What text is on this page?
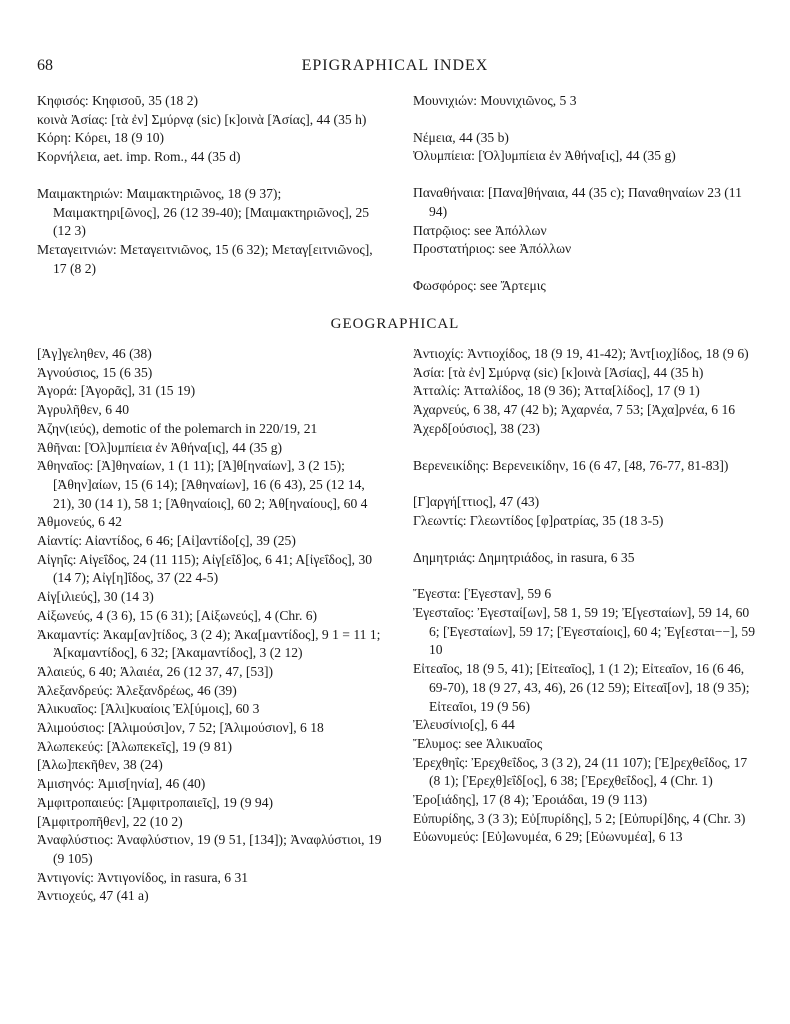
68	EPIGRAPHICAL INDEX

Κηφισός: Κηφισοῦ, 35 (18 2)

κοινὰ Ἀσίας: [τὰ ἐν] Σμύρνᾳ (sic) [κ]οινὰ [Ἀσίας], 44 (35 h)

Κόρη: Κόρει, 18 (9 10)

Κορνήλεια, aet. imp. Rom., 44 (35 d)

Μαιμακτηριών: Μαιμακτηριῶνος, 18 (9 37); Μαιμακτηρι[ῶνος], 26 (12 39-40); [Μαιμακτηριῶνος], 25 (12 3)

Μεταγειτνιών: Μεταγειτνιῶνος, 15 (6 32); Μεταγ[ειτνιῶνος], 17 (8 2)

Μουνιχιών: Μουνιχιῶνος, 5 3

Νέμεια, 44 (35 b)

Ὀλυμπίεια: [Ὀλ]υμπίεια ἐν Ἀθήνα[ις], 44 (35 g)

Παναθήναια: [Πανα]θήναια, 44 (35 c); Παναθηναίων 23 (11 94)

Πατρῷιος: see Ἀπόλλων

Προστατήριος: see Ἀπόλλων

Φωσφόρος: see Ἄρτεμις

GEOGRAPHICAL

[Ἀγ]γεληθεν, 46 (38)

Ἁγνούσιος, 15 (6 35)

Ἀγορά: [Ἀγορᾶς], 31 (15 19)

Ἀγρυλῆθεν, 6 40

Ἀζην(ιεύς), demotic of the polemarch in 220/19, 21

Ἀθῆναι: [Ὀλ]υμπίεια ἐν Ἀθήνα[ις], 44 (35 g)

Ἀθηναῖος: [Ἀ]θηναίων, 1 (1 11); [Ἀ]θ[ηναίων], 3 (2 15); [Ἀθην]αίων, 15 (6 14); [Ἀθηναίων], 16 (6 43), 25 (12 14, 21), 30 (14 1), 58 1; [Ἀθηναίοις], 60 2; Ἀθ[ηναίους], 60 4

Ἀθμονεύς, 6 42

Αἰαντίς: Αἰαντίδος, 6 46; [Αἰ]αντίδο[ς], 39 (25)

Αἰγηΐς: Αἰγεΐδος, 24 (11 115); Αἰγ[εΐδ]ος, 6 41; Α[ἰγεΐδος], 30 (14 7); Αἰγ[η]ΐδος, 37 (22 4-5)

Αἰγ[ιλιεύς], 30 (14 3)

Αἰξωνεύς, 4 (3 6), 15 (6 31); [Αἰξωνεύς], 4 (Chr. 6)

Ἀκαμαντίς: Ἀκαμ[αν]τίδος, 3 (2 4); Ἀκα[μαντίδος], 9 1 = 11 1; Ἀ[καμαντίδος], 6 32; [Ἀκαμαντίδος], 3 (2 12)

Ἁλαιεύς, 6 40; Ἁλαιέα, 26 (12 37, 47, [53])

Ἀλεξανδρεύς: Ἀλεξανδρέως, 46 (39)

Ἁλικυαῖος: [Ἁλι]κυαίοις Ἐλ[ύμοις], 60 3

Ἁλιμούσιος: [Ἁλιμούσι]ον, 7 52; [Ἁλιμούσιον], 6 18

Ἀλωπεκεύς: [Ἀλωπεκεῖς], 19 (9 81)

[Ἀλω]πεκῆθεν, 38 (24)

Ἀμισηνός: Ἀμισ[ηνία], 46 (40)

Ἀμφιτροπαιεύς: [Ἀμφιτροπαιεῖς], 19 (9 94)

[Ἀμφιτροπῆθεν], 22 (10 2)

Ἀναφλύστιος: Ἀναφλύστιον, 19 (9 51, [134]); Ἀναφλύστιοι, 19 (9 105)

Ἀντιγονίς: Ἀντιγονίδος, in rasura, 6 31

Ἀντιοχεύς, 47 (41 a)

Ἀντιοχίς: Ἀντιοχίδος, 18 (9 19, 41-42); Ἀντ[ιοχ]ίδος, 18 (9 6)

Ἀσία: [τὰ ἐν] Σμύρνᾳ (sic) [κ]οινὰ [Ἀσίας], 44 (35 h)

Ἀτταλίς: Ἀτταλίδος, 18 (9 36); Ἀττα[λίδος], 17 (9 1)

Ἀχαρνεύς, 6 38, 47 (42 b); Ἀχαρνέα, 7 53; [Ἀχα]ρνέα, 6 16

Ἀχερδ[ούσιος], 38 (23)

Βερενεικίδης: Βερενεικίδην, 16 (6 47, [48, 76-77, 81-83])

[Γ]αργή[ττιος], 47 (43)

Γλεωντίς: Γλεωντίδος [φ]ρατρίας, 35 (18 3-5)

Δημητριάς: Δημητριάδος, in rasura, 6 35

Ἔγεστα: [Ἐγεσταν], 59 6

Ἐγεσταῖος: Ἐγεσταί[ων], 58 1, 59 19; Ἐ[γεσταίων], 59 14, 60 6; [Ἐγεσταίων], 59 17; [Ἐγεσταίοις], 60 4; Ἐγ[εσται−−], 59 10

Εἰτεαῖος, 18 (9 5, 41); [Εἰτεαῖος], 1 (1 2); Εἰτεαῖον, 16 (6 46, 69-70), 18 (9 27, 43, 46), 26 (12 59); Εἰτεαῖ[ον], 18 (9 35); Εἰτεαῖοι, 19 (9 56)

Ἐλευσίνιο[ς], 6 44

Ἔλυμος: see Ἁλικυαῖος

Ἐρεχθηΐς: Ἐρεχθεΐδος, 3 (3 2), 24 (11 107); [Ἐ]ρεχθεΐδος, 17 (8 1); [Ἐρεχθ]εΐδ[ος], 6 38; [Ἐρεχθεΐδος], 4 (Chr. 1)

Ἐρο[ιάδης], 17 (8 4); Ἐροιάδαι, 19 (9 113)

Εὐπυρίδης, 3 (3 3); Εὐ[πυρίδης], 5 2; [Εὐπυρί]δης, 4 (Chr. 3)

Εὐωνυμεύς: [Εὐ]ωνυμέα, 6 29; [Εὐωνυμέα], 6 13
